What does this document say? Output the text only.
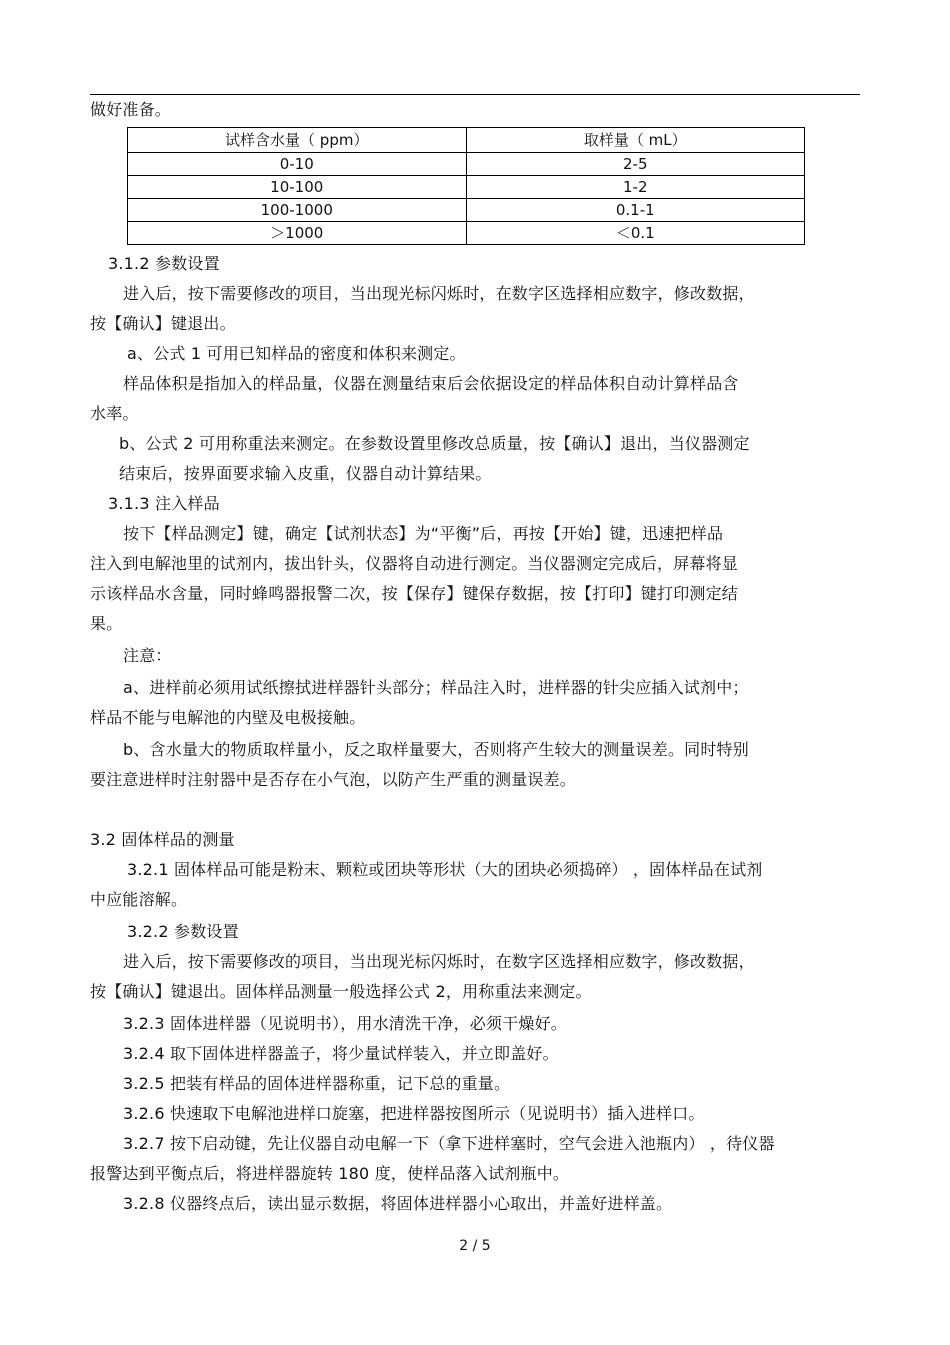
做好准备。
试样含水量（ ppm）	取样量（ mL）
0-10	2-5
10-100	1-2
100-1000	0.1-1
＞1000	＜0.1
3.1.2 参数设置
进入后，按下需要修改的项目，当出现光标闪烁时，在数字区选择相应数字，修改数据，
按【确认】键退出。
a、公式 1 可用已知样品的密度和体积来测定。
样品体积是指加入的样品量，仪器在测量结束后会依据设定的样品体积自动计算样品含
水率。
b、公式 2 可用称重法来测定。在参数设置里修改总质量，按【确认】退出，当仪器测定
结束后，按界面要求输入皮重，仪器自动计算结果。
3.1.3 注入样品
按下【样品测定】键，确定【试剂状态】为“平衡”后，再按【开始】键，迅速把样品
注入到电解池里的试剂内，拔出针头，仪器将自动进行测定。当仪器测定完成后，屏幕将显
示该样品水含量，同时蜂鸣器报警二次，按【保存】键保存数据，按【打印】键打印测定结
果。
注意：
a、进样前必须用试纸擦拭进样器针头部分；样品注入时，进样器的针尖应插入试剂中；
样品不能与电解池的内壁及电极接触。
b、含水量大的物质取样量小，反之取样量要大，否则将产生较大的测量误差。同时特别
要注意进样时注射器中是否存在小气泡，以防产生严重的测量误差。
3.2 固体样品的测量
3.2.1 固体样品可能是粉末、颗粒或团块等形状（大的团块必须捣碎） ，固体样品在试剂
中应能溶解。
3.2.2 参数设置
进入后，按下需要修改的项目，当出现光标闪烁时，在数字区选择相应数字，修改数据，
按【确认】键退出。固体样品测量一般选择公式 2，用称重法来测定。
3.2.3 固体进样器（见说明书），用水清洗干净，必须干燥好。
3.2.4 取下固体进样器盖子，将少量试样装入，并立即盖好。
3.2.5 把装有样品的固体进样器称重，记下总的重量。
3.2.6 快速取下电解池进样口旋塞，把进样器按图所示（见说明书）插入进样口。
3.2.7 按下启动键，先让仪器自动电解一下（拿下进样塞时，空气会进入池瓶内） ，待仪器
报警达到平衡点后，将进样器旋转 180 度，使样品落入试剂瓶中。
3.2.8 仪器终点后，读出显示数据，将固体进样器小心取出，并盖好进样盖。
2 / 5
